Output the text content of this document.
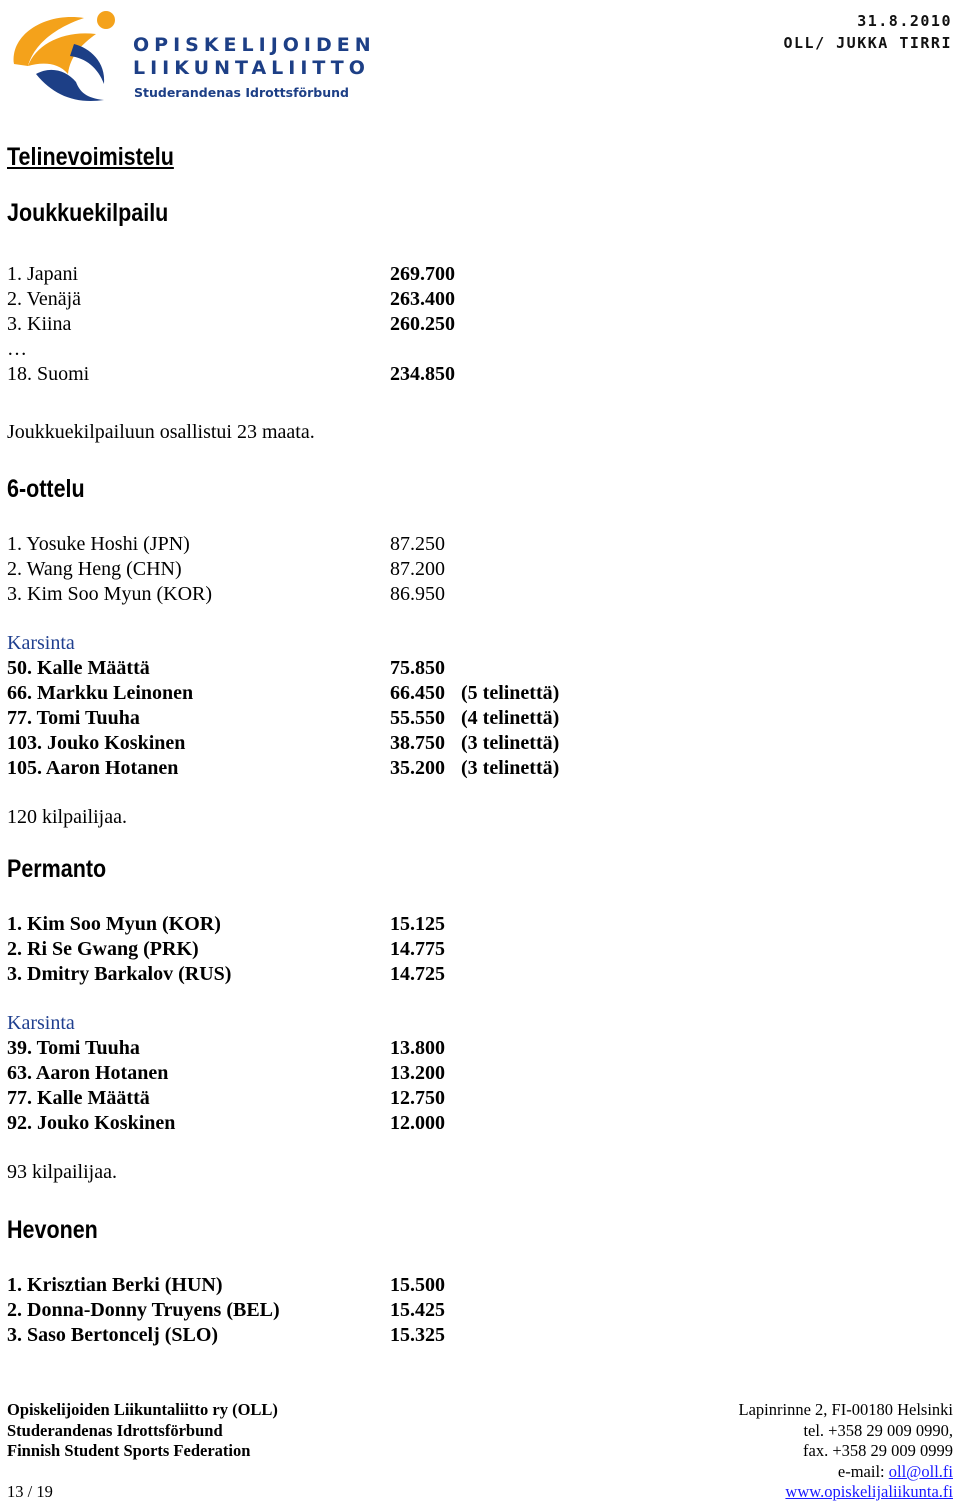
OPISKELIJOIDEN
LIIKUNTALIITTO
Studerandenas Idrottsförbund
31.8.2010
OLL/ JUKKA TIRRI
Telinevoimistelu
Joukkuekilpailu
1. Japani	269.700
2. Venäjä	263.400
3. Kiina	260.250
…
18. Suomi	234.850
Joukkuekilpailuun osallistui 23 maata.
6-ottelu
1. Yosuke Hoshi (JPN)	87.250
2. Wang Heng (CHN)	87.200
3. Kim Soo Myun (KOR)	86.950
Karsinta
50. Kalle Määttä	75.850
66. Markku Leinonen	66.450 (5 telinettä)
77. Tomi Tuuha	55.550 (4 telinettä)
103. Jouko Koskinen	38.750 (3 telinettä)
105. Aaron Hotanen	35.200 (3 telinettä)
120 kilpailijaa.
Permanto
1. Kim Soo Myun (KOR)	15.125
2. Ri Se Gwang (PRK)	14.775
3. Dmitry Barkalov (RUS)	14.725
Karsinta
39. Tomi Tuuha	13.800
63. Aaron Hotanen	13.200
77. Kalle Määttä	12.750
92. Jouko Koskinen	12.000
93 kilpailijaa.
Hevonen
1. Krisztian Berki (HUN)	15.500
2. Donna-Donny Truyens (BEL)	15.425
3. Saso Bertoncelj (SLO)	15.325
Opiskelijoiden Liikuntaliitto ry (OLL)
Studerandenas Idrottsförbund
Finnish Student Sports Federation
Lapinrinne 2, FI-00180 Helsinki
tel. +358 29 009 0990,
fax. +358 29 009 0999
e-mail: oll@oll.fi
www.opiskelijaliikunta.fi
13 / 19
